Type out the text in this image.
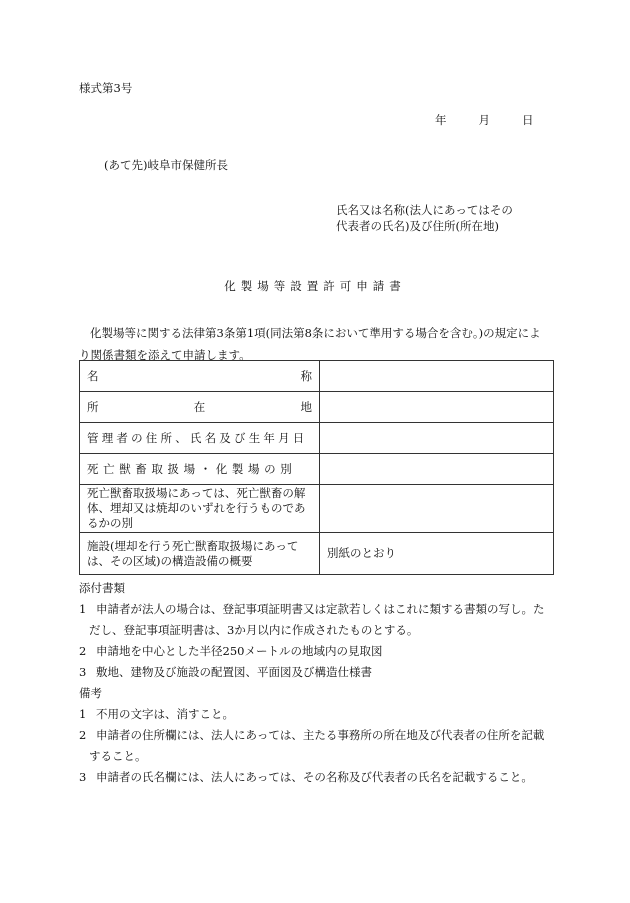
様式第3号
年	月	日
(あて先)岐阜市保健所長
氏名又は名称(法人にあってはその
代表者の氏名)及び住所(所在地)
化製場等設置許可申請書
化製場等に関する法律第3条第1項(同法第8条において準用する場合を含む。)の規定によ
り関係書類を添えて申請します。
名 称	

所 在 地	

管理者の住所、氏名及び生年月日	
死亡獣畜取扱場・化製場の別	
死亡獣畜取扱場にあっては、死亡獣畜の解体、埋却又は焼却のいずれを行うものであるかの別	
施設(埋却を行う死亡獣畜取扱場にあっては、その区域)の構造設備の概要	別紙のとおり
添付書類
1 申請者が法人の場合は、登記事項証明書又は定款若しくはこれに類する書類の写し。た
だし、登記事項証明書は、3か月以内に作成されたものとする。
2 申請地を中心とした半径250メートルの地域内の見取図
3 敷地、建物及び施設の配置図、平面図及び構造仕様書
備考
1 不用の文字は、消すこと。
2 申請者の住所欄には、法人にあっては、主たる事務所の所在地及び代表者の住所を記載
すること。
3 申請者の氏名欄には、法人にあっては、その名称及び代表者の氏名を記載すること。
